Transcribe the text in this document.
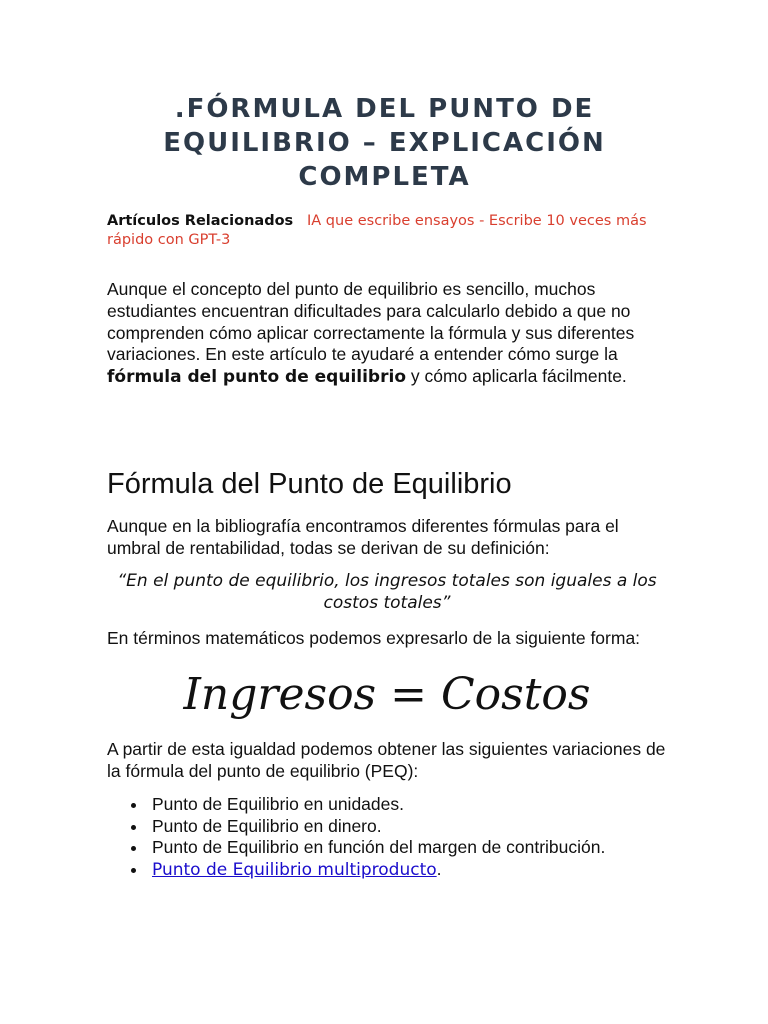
.FÓRMULA DEL PUNTO DE EQUILIBRIO – EXPLICACIÓN COMPLETA

Artículos Relacionados IA que escribe ensayos - Escribe 10 veces más rápido con GPT-3

Aunque el concepto del punto de equilibrio es sencillo, muchos estudiantes encuentran dificultades para calcularlo debido a que no comprenden cómo aplicar correctamente la fórmula y sus diferentes variaciones. En este artículo te ayudaré a entender cómo surge la fórmula del punto de equilibrio y cómo aplicarla fácilmente.

Fórmula del Punto de Equilibrio

Aunque en la bibliografía encontramos diferentes fórmulas para el umbral de rentabilidad, todas se derivan de su definición:

“En el punto de equilibrio, los ingresos totales son iguales a los costos totales”

En términos matemáticos podemos expresarlo de la siguiente forma:

Ingresos = Costos

A partir de esta igualdad podemos obtener las siguientes variaciones de la fórmula del punto de equilibrio (PEQ):

Punto de Equilibrio en unidades.
Punto de Equilibrio en dinero.
Punto de Equilibrio en función del margen de contribución.
Punto de Equilibrio multiproducto.
